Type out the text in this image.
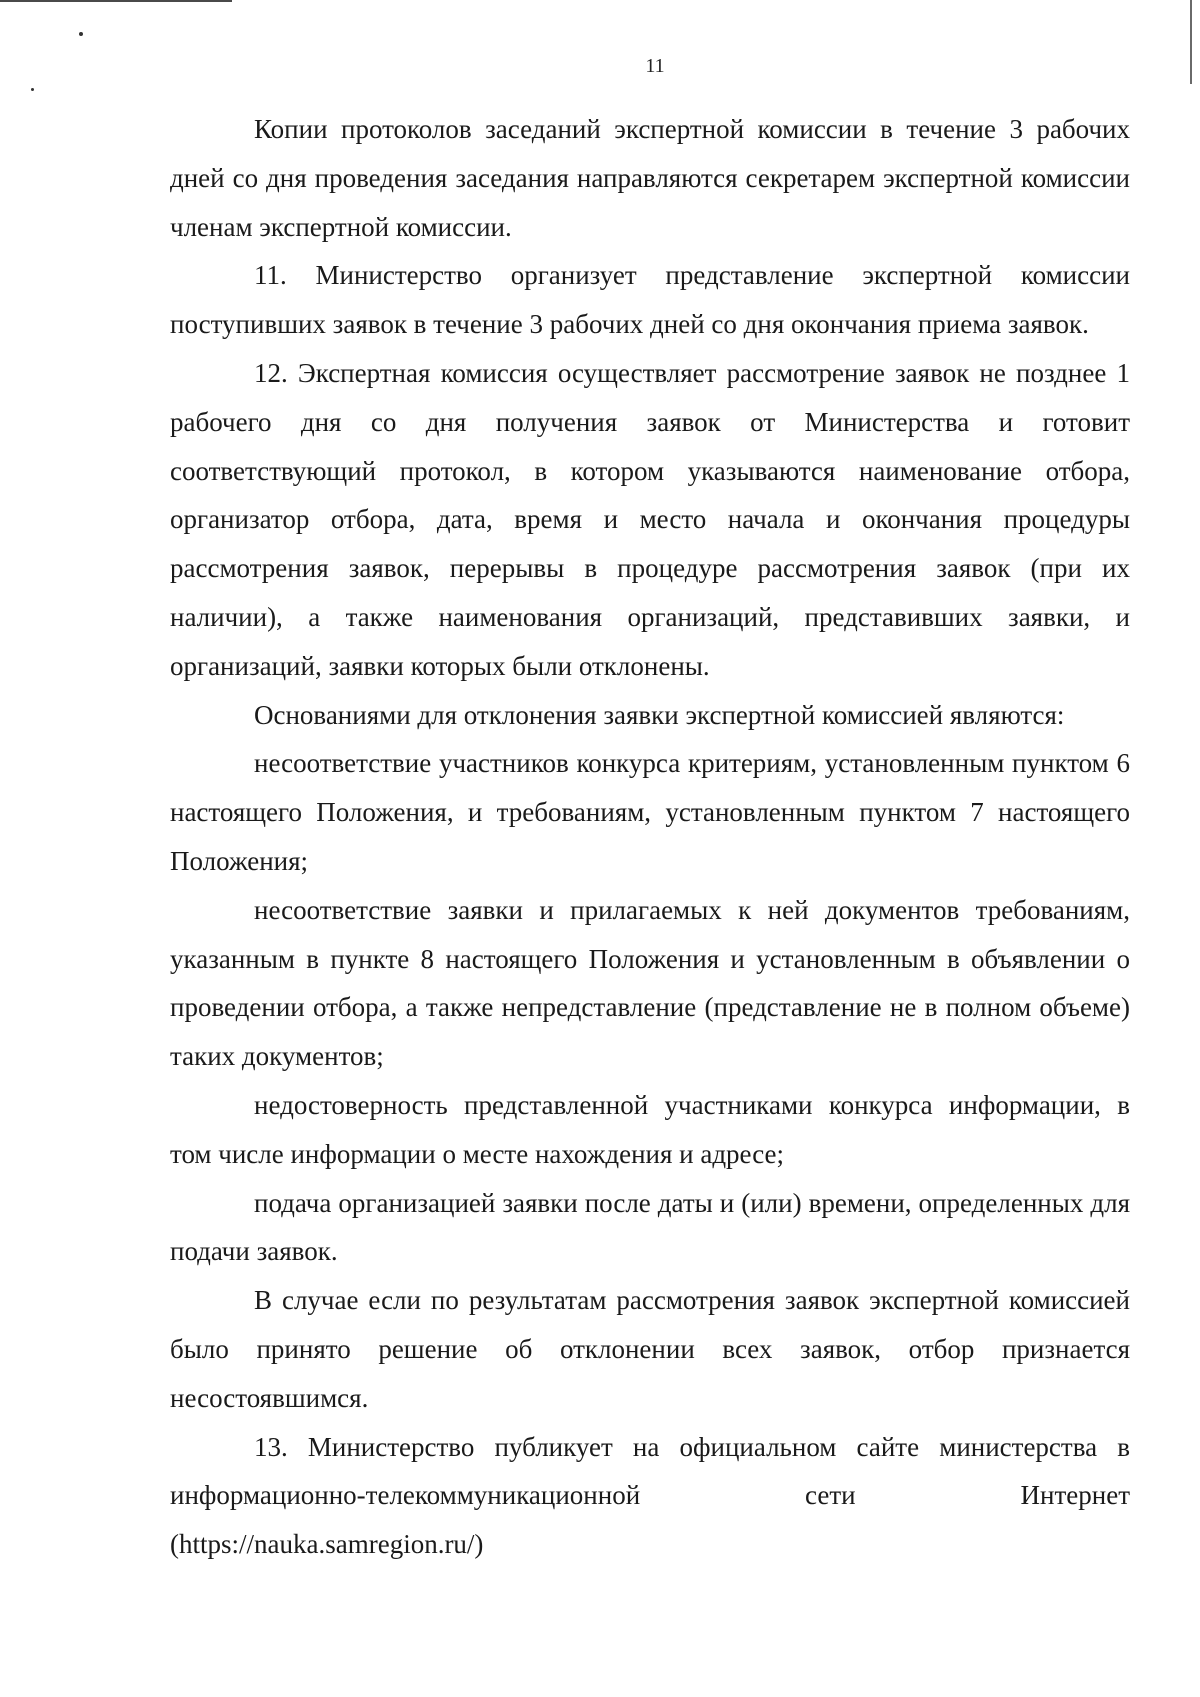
11

Копии протоколов заседаний экспертной комиссии в течение 3 рабочих дней со дня проведения заседания направляются секретарем экспертной комиссии членам экспертной комиссии.

11. Министерство организует представление экспертной комиссии поступивших заявок в течение 3 рабочих дней со дня окончания приема заявок.

12. Экспертная комиссия осуществляет рассмотрение заявок не позднее 1 рабочего дня со дня получения заявок от Министерства и готовит соответствующий протокол, в котором указываются наименование отбора, организатор отбора, дата, время и место начала и окончания процедуры рассмотрения заявок, перерывы в процедуре рассмотрения заявок (при их наличии), а также наименования организаций, представивших заявки, и организаций, заявки которых были отклонены.

Основаниями для отклонения заявки экспертной комиссией являются:

несоответствие участников конкурса критериям, установленным пунктом 6 настоящего Положения, и требованиям, установленным пунктом 7 настоящего Положения;

несоответствие заявки и прилагаемых к ней документов требованиям, указанным в пункте 8 настоящего Положения и установленным в объявлении о проведении отбора, а также непредставление (представление не в полном объеме) таких документов;

недостоверность представленной участниками конкурса информации, в том числе информации о месте нахождения и адресе;

подача организацией заявки после даты и (или) времени, определенных для подачи заявок.

В случае если по результатам рассмотрения заявок экспертной комиссией было принято решение об отклонении всех заявок, отбор признается несостоявшимся.

13. Министерство публикует на официальном сайте министерства в информационно-телекоммуникационной сети Интернет (https://nauka.samregion.ru/)
